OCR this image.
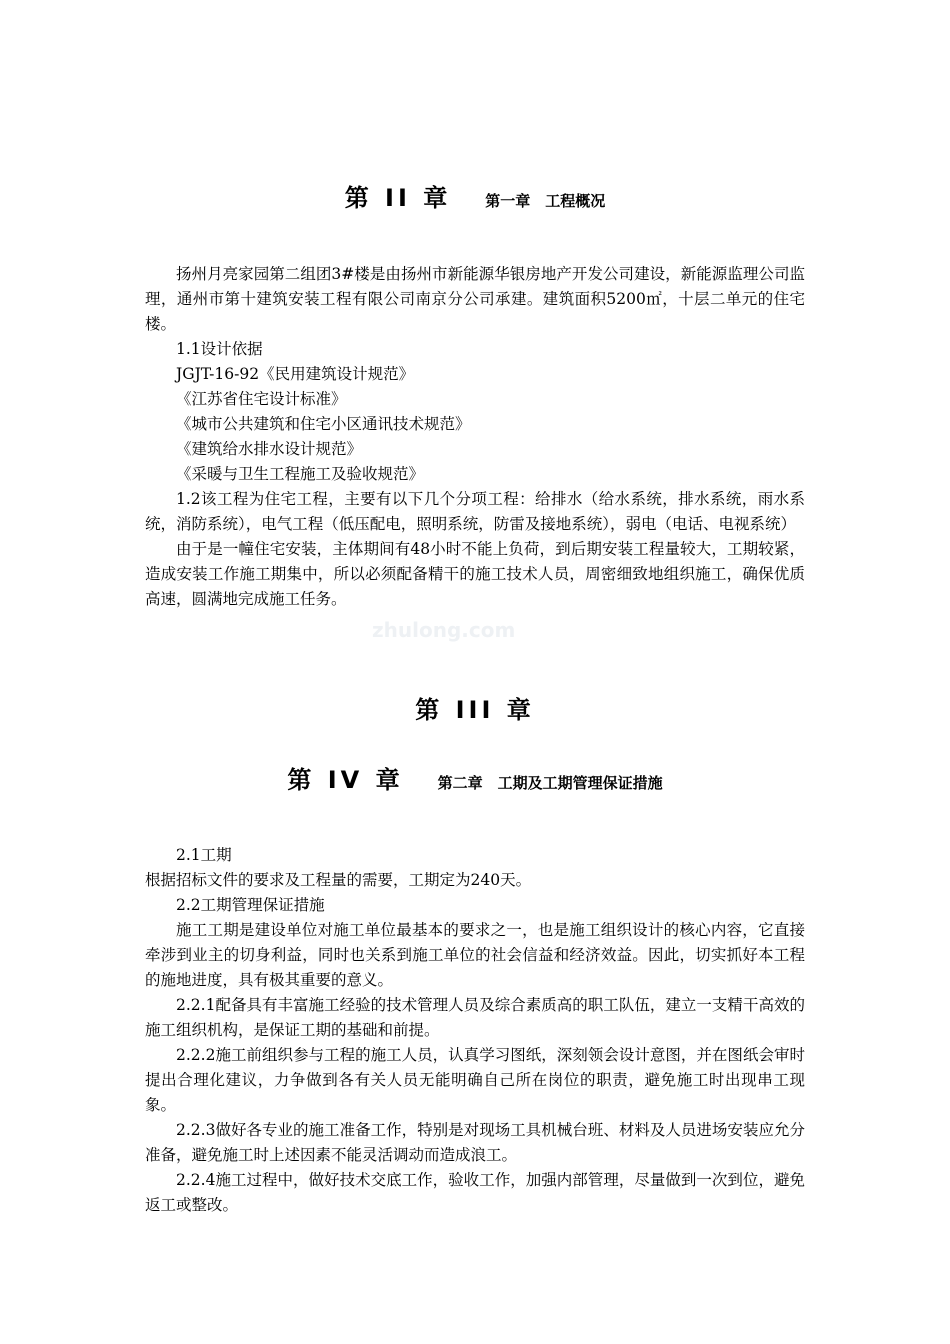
zhulong.com
第 II 章 第一章　工程概况

扬州月亮家园第二组团3#楼是由扬州市新能源华银房地产开发公司建设，新能源监理公司监理，通州市第十建筑安装工程有限公司南京分公司承建。建筑面积5200㎡，十层二单元的住宅楼。

1.1设计依据

JGJT-16-92《民用建筑设计规范》

《江苏省住宅设计标准》

《城市公共建筑和住宅小区通讯技术规范》

《建筑给水排水设计规范》

《采暖与卫生工程施工及验收规范》

1.2该工程为住宅工程，主要有以下几个分项工程：给排水（给水系统，排水系统，雨水系统，消防系统），电气工程（低压配电，照明系统，防雷及接地系统），弱电（电话、电视系统）

由于是一幢住宅安装，主体期间有48小时不能上负荷，到后期安装工程量较大，工期较紧，造成安装工作施工期集中，所以必须配备精干的施工技术人员，周密细致地组织施工，确保优质高速，圆满地完成施工任务。

第 III 章
第 IV 章 第二章　工期及工期管理保证措施

2.1工期

根据招标文件的要求及工程量的需要，工期定为240天。

2.2工期管理保证措施

施工工期是建设单位对施工单位最基本的要求之一，也是施工组织设计的核心内容，它直接牵涉到业主的切身利益，同时也关系到施工单位的社会信益和经济效益。因此，切实抓好本工程的施地进度，具有极其重要的意义。

2.2.1配备具有丰富施工经验的技术管理人员及综合素质高的职工队伍，建立一支精干高效的施工组织机构，是保证工期的基础和前提。

2.2.2施工前组织参与工程的施工人员，认真学习图纸，深刻领会设计意图，并在图纸会审时提出合理化建议，力争做到各有关人员无能明确自己所在岗位的职责，避免施工时出现串工现象。

2.2.3做好各专业的施工准备工作，特别是对现场工具机械台班、材料及人员进场安装应允分准备，避免施工时上述因素不能灵活调动而造成浪工。

2.2.4施工过程中，做好技术交底工作，验收工作，加强内部管理，尽量做到一次到位，避免返工或整改。
